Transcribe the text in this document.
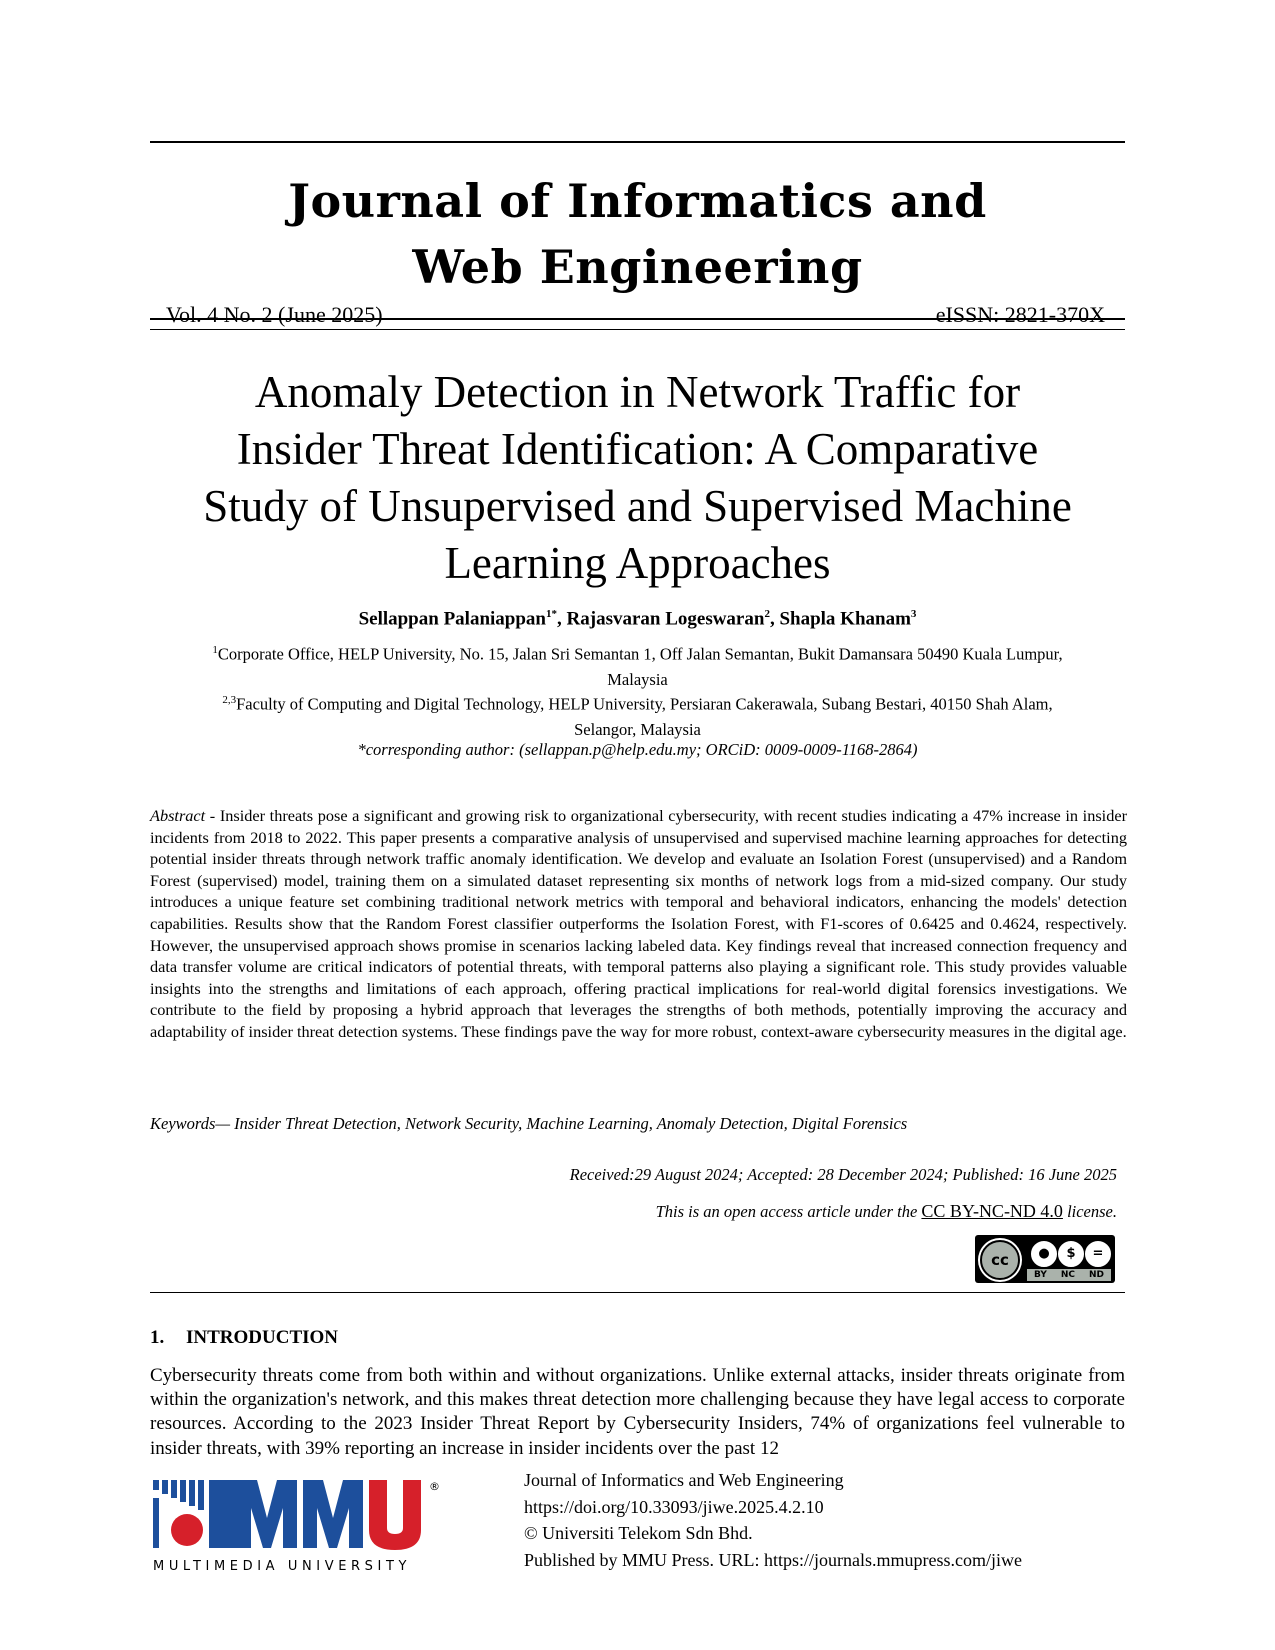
Journal of Informatics and
Web Engineering
Vol. 4 No. 2 (June 2025)	eISSN: 2821-370X
Anomaly Detection in Network Traffic for
Insider Threat Identification: A Comparative
Study of Unsupervised and Supervised Machine
Learning Approaches
Sellappan Palaniappan$^{1*}$, Rajasvaran Logeswaran$^2$, Shapla Khanam$^3$
$^1$Corporate Office, HELP University, No. 15, Jalan Sri Semantan 1, Off Jalan Semantan, Bukit Damansara 50490 Kuala Lumpur,
Malaysia
$^{2,3}$Faculty of Computing and Digital Technology, HELP University, Persiaran Cakerawala, Subang Bestari, 40150 Shah Alam,
Selangor, Malaysia
*corresponding author: (sellappan.p@help.edu.my; ORCiD: 0009-0009-1168-2864)

Abstract - Insider threats pose a significant and growing risk to organizational cybersecurity, with recent studies indicating a 47% increase in insider incidents from 2018 to 2022. This paper presents a comparative analysis of unsupervised and supervised machine learning approaches for detecting potential insider threats through network traffic anomaly identification. We develop and evaluate an Isolation Forest (unsupervised) and a Random Forest (supervised) model, training them on a simulated dataset representing six months of network logs from a mid-sized company. Our study introduces a unique feature set combining traditional network metrics with temporal and behavioral indicators, enhancing the models' detection capabilities. Results show that the Random Forest classifier outperforms the Isolation Forest, with F1-scores of 0.6425 and 0.4624, respectively. However, the unsupervised approach shows promise in scenarios lacking labeled data. Key findings reveal that increased connection frequency and data transfer volume are critical indicators of potential threats, with temporal patterns also playing a significant role. This study provides valuable insights into the strengths and limitations of each approach, offering practical implications for real-world digital forensics investigations. We contribute to the field by proposing a hybrid approach that leverages the strengths of both methods, potentially improving the accuracy and adaptability of insider threat detection systems. These findings pave the way for more robust, context-aware cybersecurity measures in the digital age.

Keywords— Insider Threat Detection, Network Security, Machine Learning, Anomaly Detection, Digital Forensics
Received:29 August 2024; Accepted: 28 December 2024; Published: 16 June 2025
This is an open access article under the CC BY-NC-ND 4.0 license.
cc	●	$	=
BY NC ND
1. INTRODUCTION

Cybersecurity threats come from both within and without organizations. Unlike external attacks, insider threats originate from within the organization's network, and this makes threat detection more challenging because they have legal access to corporate resources. According to the 2023 Insider Threat Report by Cybersecurity Insiders, 74% of organizations feel vulnerable to insider threats, with 39% reporting an increase in insider incidents over the past 12

®
MULTIMEDIA UNIVERSITY
Journal of Informatics and Web Engineering
https://doi.org/10.33093/jiwe.2025.4.2.10
© Universiti Telekom Sdn Bhd.
Published by MMU Press. URL: https://journals.mmupress.com/jiwe
